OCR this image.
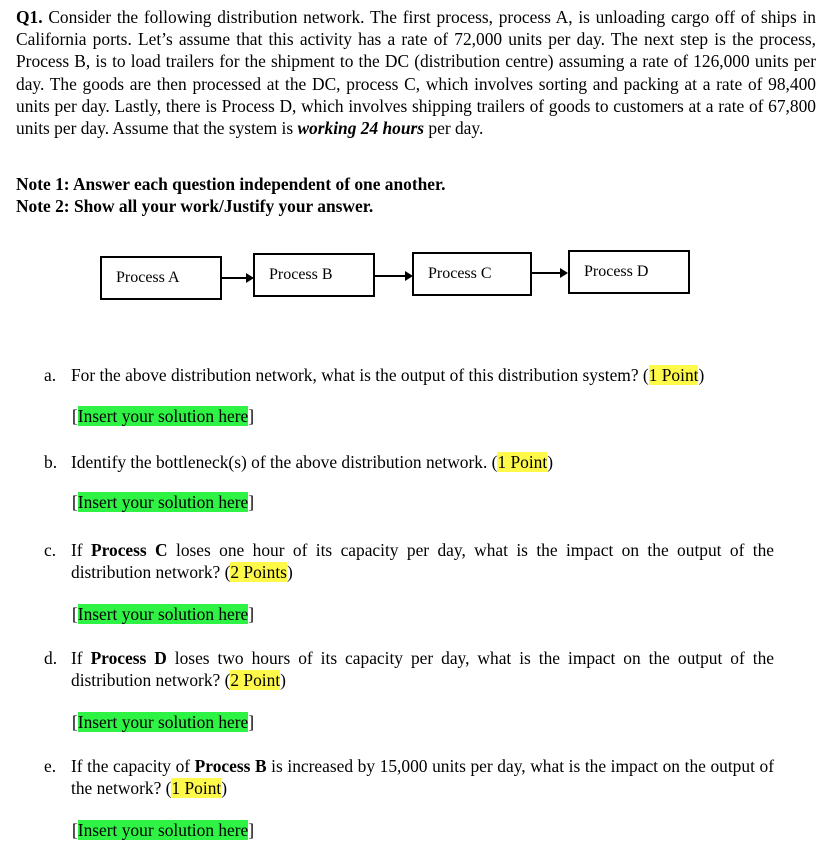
Q1. Consider the following distribution network. The first process, process A, is unloading cargo off of ships in California ports. Let’s assume that this activity has a rate of 72,000 units per day. The next step is the process, Process B, is to load trailers for the shipment to the DC (distribution centre) assuming a rate of 126,000 units per day. The goods are then processed at the DC, process C, which involves sorting and packing at a rate of 98,400 units per day. Lastly, there is Process D, which involves shipping trailers of goods to customers at a rate of 67,800 units per day. Assume that the system is working 24 hours per day.

Note 1: Answer each question independent of one another.
Note 2: Show all your work/Justify your answer.
Process A	Process B	Process C	Process D
a. For the above distribution network, what is the output of this distribution system? (1 Point)
[Insert your solution here]
b. Identify the bottleneck(s) of the above distribution network. (1 Point)
[Insert your solution here]
c. If Process C loses one hour of its capacity per day, what is the impact on the output of the distribution network? (2 Points)
[Insert your solution here]
d. If Process D loses two hours of its capacity per day, what is the impact on the output of the distribution network? (2 Point)
[Insert your solution here]
e. If the capacity of Process B is increased by 15,000 units per day, what is the impact on the output of the network? (1 Point)
[Insert your solution here]
